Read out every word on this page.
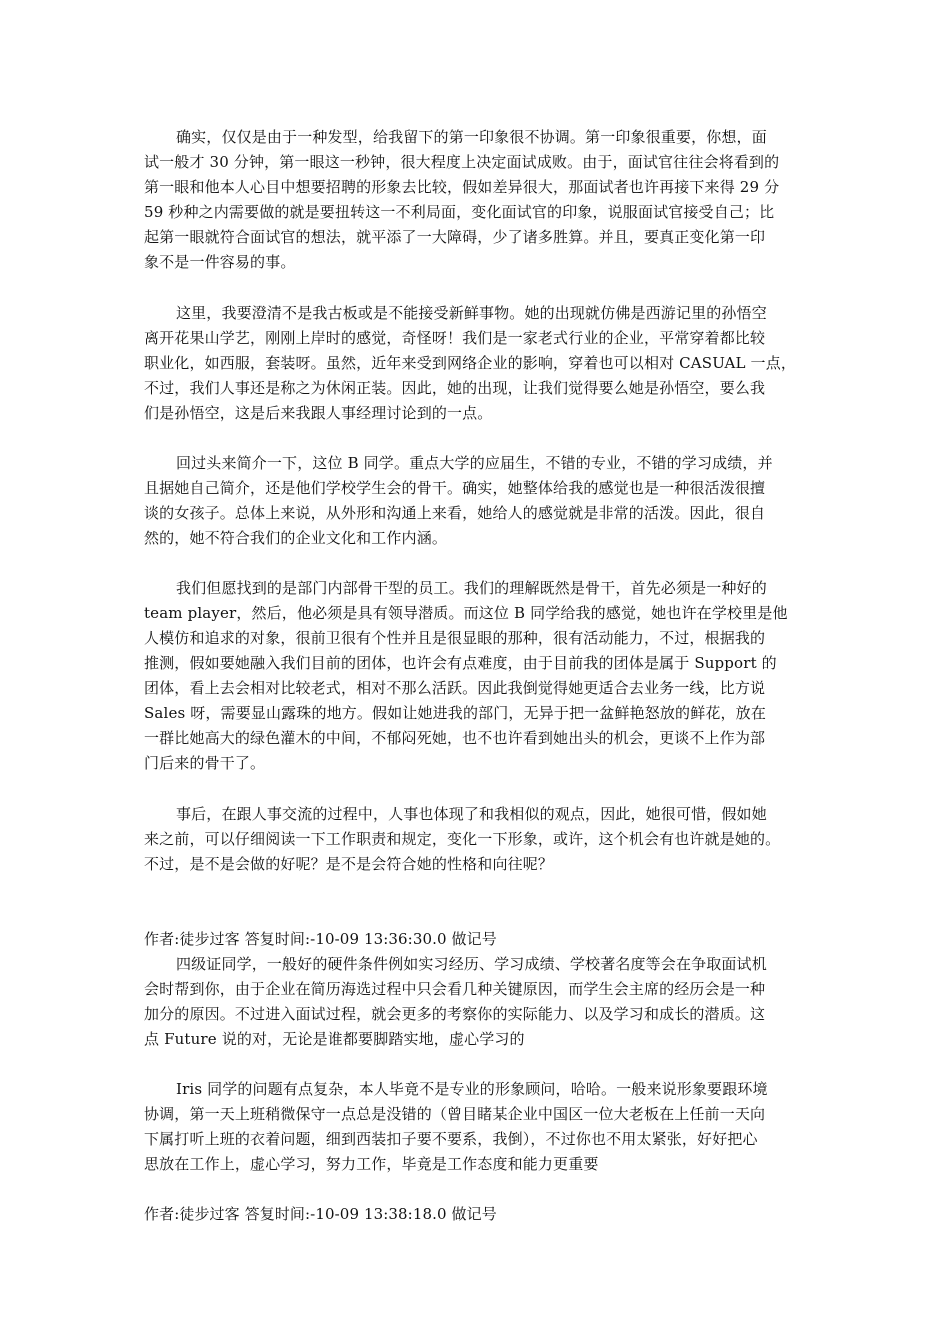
确实，仅仅是由于一种发型，给我留下的第一印象很不协调。第一印象很重要，你想，面
试一般才 30 分钟，第一眼这一秒钟，很大程度上决定面试成败。由于，面试官往往会将看到的
第一眼和他本人心目中想要招聘的形象去比较，假如差异很大，那面试者也许再接下来得 29 分
59 秒种之内需要做的就是要扭转这一不利局面，变化面试官的印象，说服面试官接受自己；比
起第一眼就符合面试官的想法，就平添了一大障碍，少了诸多胜算。并且，要真正变化第一印
象不是一件容易的事。
这里，我要澄清不是我古板或是不能接受新鲜事物。她的出现就仿佛是西游记里的孙悟空
离开花果山学艺，刚刚上岸时的感觉，奇怪呀！我们是一家老式行业的企业，平常穿着都比较
职业化，如西服，套装呀。虽然，近年来受到网络企业的影响，穿着也可以相对 CASUAL 一点，
不过，我们人事还是称之为休闲正装。因此，她的出现，让我们觉得要么她是孙悟空，要么我
们是孙悟空，这是后来我跟人事经理讨论到的一点。
回过头来简介一下，这位 B 同学。重点大学的应届生，不错的专业，不错的学习成绩，并
且据她自己简介，还是他们学校学生会的骨干。确实，她整体给我的感觉也是一种很活泼很擅
谈的女孩子。总体上来说，从外形和沟通上来看，她给人的感觉就是非常的活泼。因此，很自
然的，她不符合我们的企业文化和工作内涵。
我们但愿找到的是部门内部骨干型的员工。我们的理解既然是骨干，首先必须是一种好的
team player，然后，他必须是具有领导潜质。而这位 B 同学给我的感觉，她也许在学校里是他
人模仿和追求的对象，很前卫很有个性并且是很显眼的那种，很有活动能力，不过，根据我的
推测，假如要她融入我们目前的团体，也许会有点难度，由于目前我的团体是属于 Support 的
团体，看上去会相对比较老式，相对不那么活跃。因此我倒觉得她更适合去业务一线，比方说
Sales 呀，需要显山露珠的地方。假如让她进我的部门，无异于把一盆鲜艳怒放的鲜花，放在
一群比她高大的绿色灌木的中间，不郁闷死她，也不也许看到她出头的机会，更谈不上作为部
门后来的骨干了。
事后，在跟人事交流的过程中，人事也体现了和我相似的观点，因此，她很可惜，假如她
来之前，可以仔细阅读一下工作职责和规定，变化一下形象，或许，这个机会有也许就是她的。
不过，是不是会做的好呢？是不是会符合她的性格和向往呢？
作者:徒步过客 答复时间:-10-09 13:36:30.0 做记号
四级证同学，一般好的硬件条件例如实习经历、学习成绩、学校著名度等会在争取面试机
会时帮到你，由于企业在简历海选过程中只会看几种关键原因，而学生会主席的经历会是一种
加分的原因。不过进入面试过程，就会更多的考察你的实际能力、以及学习和成长的潜质。这
点 Future 说的对，无论是谁都要脚踏实地，虚心学习的
Iris 同学的问题有点复杂，本人毕竟不是专业的形象顾问，哈哈。一般来说形象要跟环境
协调，第一天上班稍微保守一点总是没错的（曾目睹某企业中国区一位大老板在上任前一天向
下属打听上班的衣着问题，细到西装扣子要不要系，我倒），不过你也不用太紧张，好好把心
思放在工作上，虚心学习，努力工作，毕竟是工作态度和能力更重要
作者:徒步过客 答复时间:-10-09 13:38:18.0 做记号
